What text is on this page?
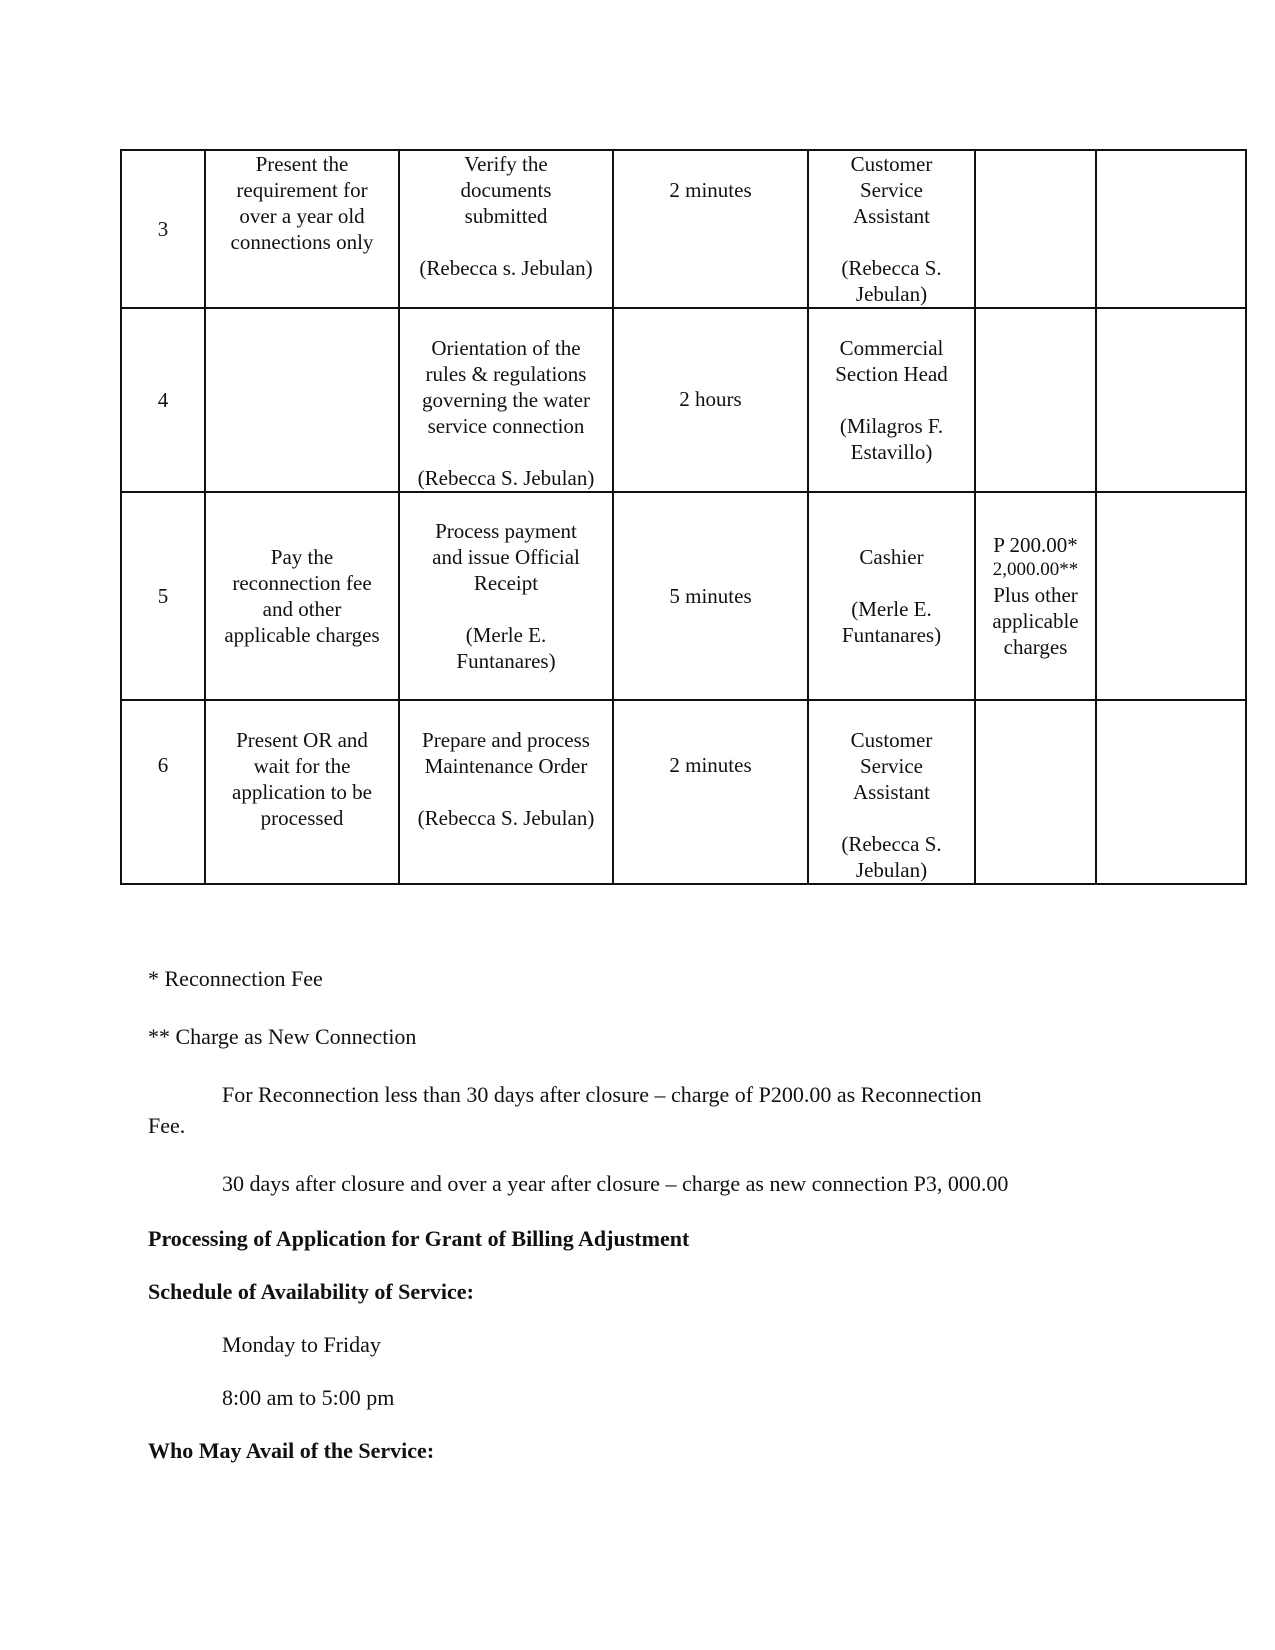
3	Present the
requirement for
over a year old
connections only	Verify the
documents
submitted
(Rebecca s. Jebulan)	2 minutes	Customer
Service
Assistant
(Rebecca S.
Jebulan)		

4		Orientation of the
rules & regulations
governing the water
service connection
(Rebecca S. Jebulan)	2 hours	Commercial
Section Head
(Milagros F.
Estavillo)		

5	Pay the
reconnection fee
and other
applicable charges	Process payment
and issue Official
Receipt
(Merle E.
Funtanares)	5 minutes	Cashier
(Merle E.
Funtanares)	P 200.00*
2,000.00**
Plus other
applicable
charges	

6	Present OR and
wait for the
application to be
processed	Prepare and process
Maintenance Order
(Rebecca S. Jebulan)	2 minutes	Customer
Service
Assistant
(Rebecca S.
Jebulan)		

* Reconnection Fee
** Charge as New Connection
For Reconnection less than 30 days after closure – charge of P200.00 as Reconnection
Fee.
30 days after closure and over a year after closure – charge as new connection P3, 000.00
Processing of Application for Grant of Billing Adjustment
Schedule of Availability of Service:
Monday to Friday
8:00 am to 5:00 pm
Who May Avail of the Service:
